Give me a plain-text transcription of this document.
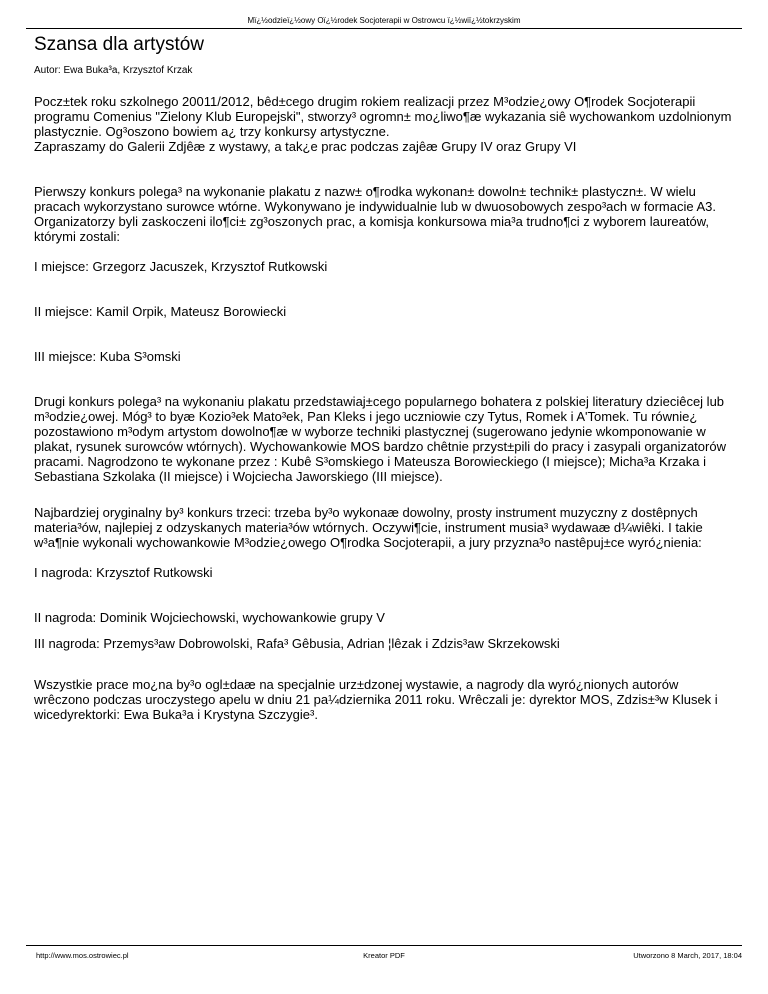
Mï¿½odzieï¿½owy Oï¿½rodek Socjoterapii w Ostrowcu ï¿½wiï¿½tokrzyskim
Szansa dla artystów
Autor: Ewa Buka³a, Krzysztof Krzak

Pocz±tek roku szkolnego 20011/2012, bêd±cego drugim rokiem realizacji przez M³odzie¿owy O¶rodek Socjoterapii programu Comenius "Zielony Klub Europejski", stworzy³ ogromn± mo¿liwo¶æ wykazania siê wychowankom uzdolnionym plastycznie. Og³oszono bowiem a¿ trzy konkursy artystyczne.
Zapraszamy do Galerii Zdjêæ z wystawy, a tak¿e prac podczas zajêæ Grupy IV oraz Grupy VI

Pierwszy konkurs polega³ na wykonanie plakatu z nazw± o¶rodka wykonan± dowoln± technik± plastyczn±. W wielu pracach wykorzystano surowce wtórne. Wykonywano je indywidualnie lub w dwuosobowych zespo³ach w formacie A3. Organizatorzy byli zaskoczeni ilo¶ci± zg³oszonych prac, a komisja konkursowa mia³a trudno¶ci z wyborem laureatów, którymi zostali:

I miejsce: Grzegorz Jacuszek, Krzysztof Rutkowski

II miejsce: Kamil Orpik, Mateusz Borowiecki

III miejsce: Kuba S³omski

Drugi konkurs polega³ na wykonaniu plakatu przedstawiaj±cego popularnego bohatera z polskiej literatury dzieciêcej lub m³odzie¿owej. Móg³ to byæ Kozio³ek Mato³ek, Pan Kleks i jego uczniowie czy Tytus, Romek i A'Tomek. Tu równie¿ pozostawiono m³odym artystom dowolno¶æ w wyborze techniki plastycznej (sugerowano jedynie wkomponowanie w plakat, rysunek surowców wtórnych). Wychowankowie MOS bardzo chêtnie przyst±pili do pracy i zasypali organizatorów pracami. Nagrodzono te wykonane przez : Kubê S³omskiego i Mateusza Borowieckiego (I miejsce); Micha³a Krzaka i Sebastiana Szkolaka (II miejsce) i Wojciecha Jaworskiego (III miejsce).

Najbardziej oryginalny by³ konkurs trzeci: trzeba by³o wykonaæ dowolny, prosty instrument muzyczny z dostêpnych materia³ów, najlepiej z odzyskanych materia³ów wtórnych. Oczywi¶cie, instrument musia³ wydawaæ d¼wiêki. I takie w³a¶nie wykonali wychowankowie M³odzie¿owego O¶rodka Socjoterapii, a jury przyzna³o nastêpuj±ce wyró¿nienia:

I nagroda: Krzysztof Rutkowski

II nagroda: Dominik Wojciechowski, wychowankowie grupy V

III nagroda: Przemys³aw Dobrowolski, Rafa³ Gêbusia, Adrian ¦lêzak i Zdzis³aw Skrzekowski

Wszystkie prace mo¿na by³o ogl±daæ na specjalnie urz±dzonej wystawie, a nagrody dla wyró¿nionych autorów wrêczono podczas uroczystego apelu w dniu 21 pa¼dziernika 2011 roku. Wrêczali je: dyrektor MOS, Zdzis±³w Klusek i wicedyrektorki: Ewa Buka³a i Krystyna Szczygie³.

http://www.mos.ostrowiec.pl	Kreator PDF	Utworzono 8 March, 2017, 18:04
